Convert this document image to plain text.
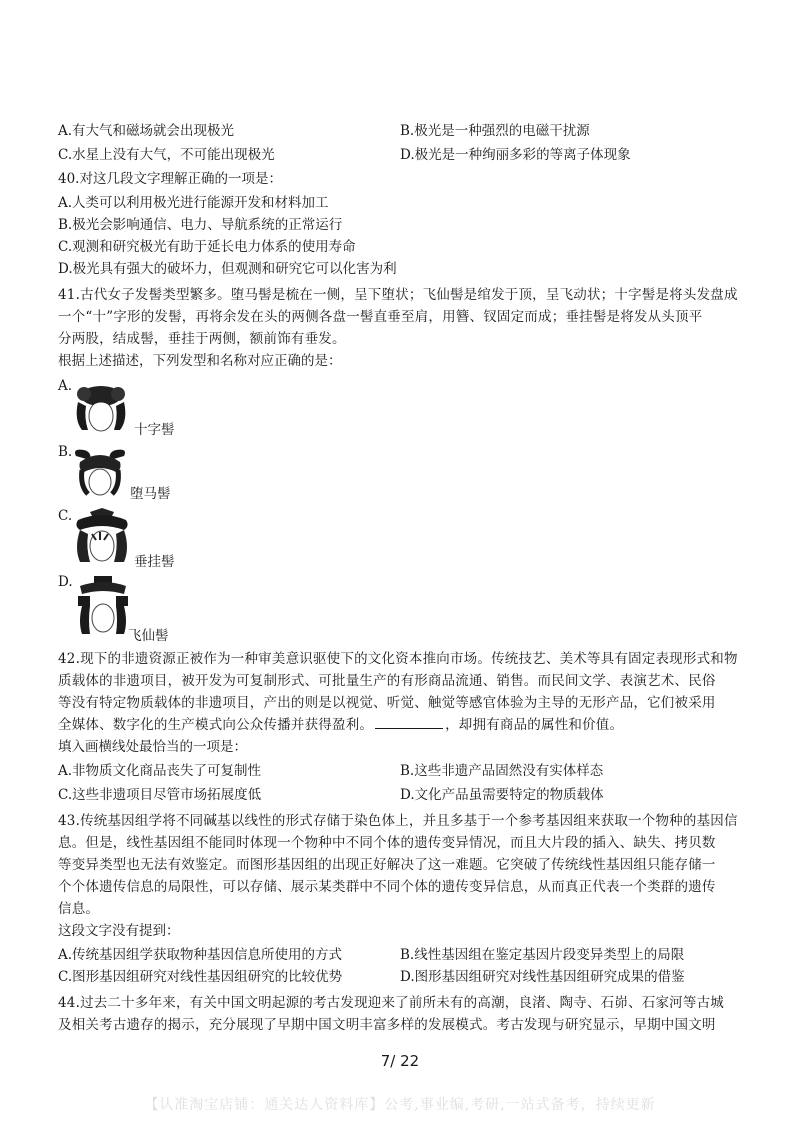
A.有大气和磁场就会出现极光	B.极光是一种强烈的电磁干扰源
C.水星上没有大气，不可能出现极光	D.极光是一种绚丽多彩的等离子体现象
40.对这几段文字理解正确的一项是：
A.人类可以利用极光进行能源开发和材料加工
B.极光会影响通信、电力、导航系统的正常运行
C.观测和研究极光有助于延长电力体系的使用寿命
D.极光具有强大的破坏力，但观测和研究它可以化害为利
41.古代女子发髻类型繁多。堕马髻是梳在一侧，呈下堕状；飞仙髻是绾发于顶，呈飞动状；十字髻是将头发盘成
一个“十”字形的发髻，再将余发在头的两侧各盘一髻直垂至肩，用簪、钗固定而成；垂挂髻是将发从头顶平
分两股，结成髻，垂挂于两侧，额前饰有垂发。
根据上述描述，下列发型和名称对应正确的是：
A.
十字髻
B.
堕马髻
C.
垂挂髻
D.
飞仙髻
42.现下的非遗资源正被作为一种审美意识驱使下的文化资本推向市场。传统技艺、美术等具有固定表现形式和物
质载体的非遗项目，被开发为可复制形式、可批量生产的有形商品流通、销售。而民间文学、表演艺术、民俗
等没有特定物质载体的非遗项目，产出的则是以视觉、听觉、触觉等感官体验为主导的无形产品，它们被采用
全媒体、数字化的生产模式向公众传播并获得盈利。	，却拥有商品的属性和价值。
填入画横线处最恰当的一项是：
A.非物质文化商品丧失了可复制性	B.这些非遗产品固然没有实体样态
C.这些非遗项目尽管市场拓展度低	D.文化产品虽需要特定的物质载体
43.传统基因组学将不同碱基以线性的形式存储于染色体上，并且多基于一个参考基因组来获取一个物种的基因信
息。但是，线性基因组不能同时体现一个物种中不同个体的遗传变异情况，而且大片段的插入、缺失、拷贝数
等变异类型也无法有效鉴定。而图形基因组的出现正好解决了这一难题。它突破了传统线性基因组只能存储一
个个体遗传信息的局限性，可以存储、展示某类群中不同个体的遗传变异信息，从而真正代表一个类群的遗传
信息。
这段文字没有提到：
A.传统基因组学获取物种基因信息所使用的方式	B.线性基因组在鉴定基因片段变异类型上的局限
C.图形基因组研究对线性基因组研究的比较优势	D.图形基因组研究对线性基因组研究成果的借鉴
44.过去二十多年来，有关中国文明起源的考古发现迎来了前所未有的高潮，良渚、陶寺、石峁、石家河等古城
及相关考古遗存的揭示，充分展现了早期中国文明丰富多样的发展模式。考古发现与研究显示，早期中国文明
7/ 22
【认准淘宝店铺：通关达人资料库】公考,事业编,考研,一站式备考，持续更新
